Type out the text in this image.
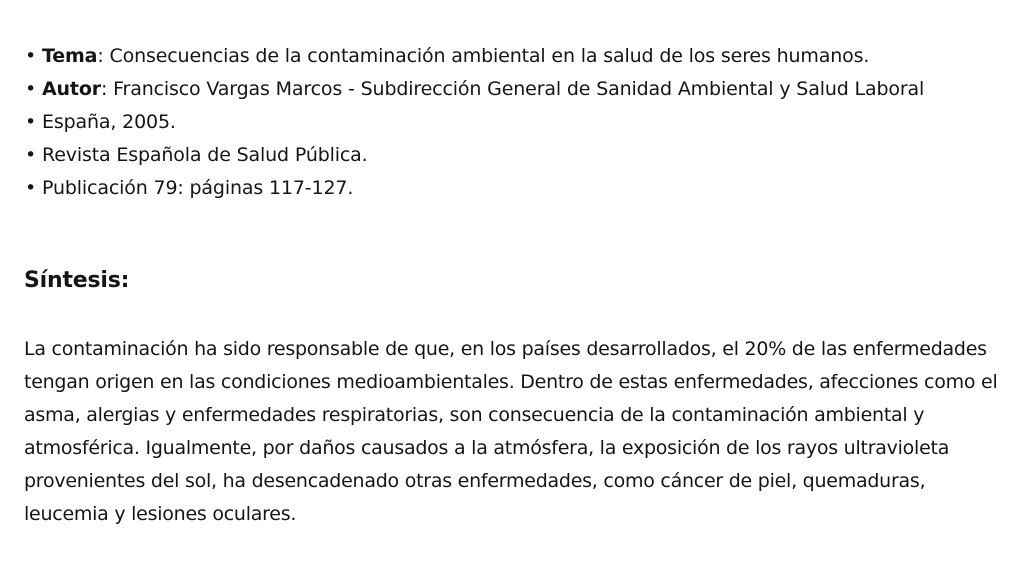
• Tema: Consecuencias de la contaminación ambiental en la salud de los seres humanos.
• Autor: Francisco Vargas Marcos - Subdirección General de Sanidad Ambiental y Salud Laboral
• España, 2005.
• Revista Española de Salud Pública.
• Publicación 79: páginas 117-127.
Síntesis:

La contaminación ha sido responsable de que, en los países desarrollados, el 20% de las enfermedades tengan origen en las condiciones medioambientales. Dentro de estas enfermedades, afecciones como el asma, alergias y enfermedades respiratorias, son consecuencia de la contaminación ambiental y atmosférica. Igualmente, por daños causados a la atmósfera, la exposición de los rayos ultravioleta provenientes del sol, ha desencadenado otras enfermedades, como cáncer de piel, quemaduras, leucemia y lesiones oculares.
